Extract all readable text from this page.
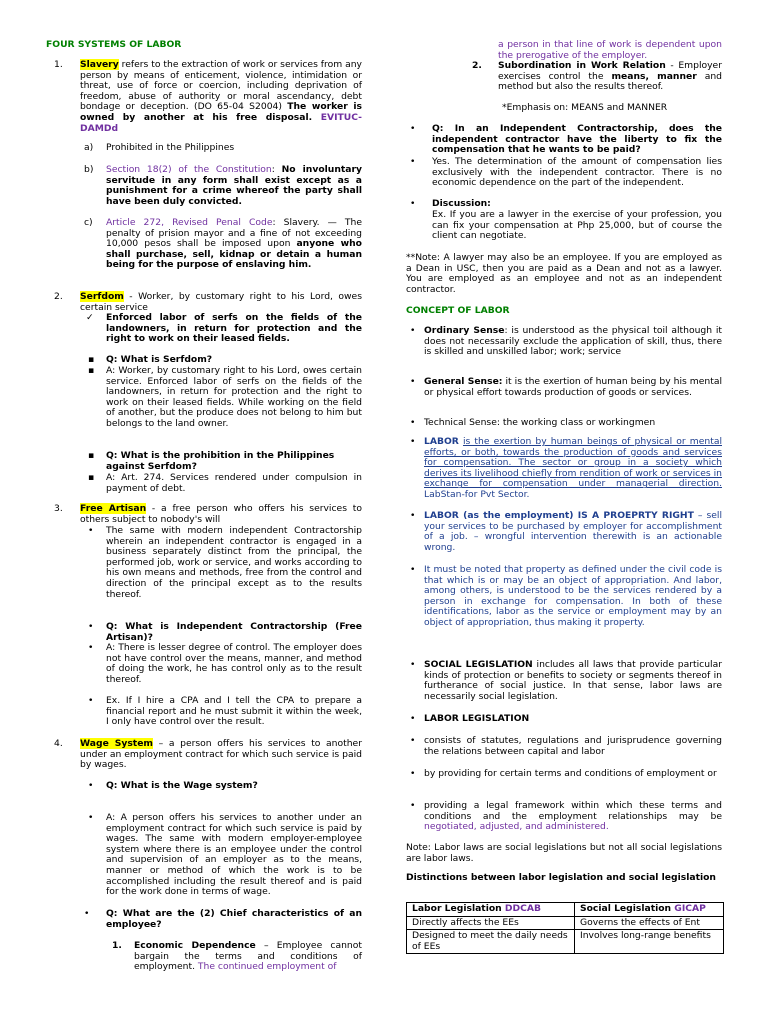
FOUR SYSTEMS OF LABOR
1. Slavery refers to the extraction of work or services from any person by means of enticement, violence, intimidation or threat, use of force or coercion, including deprivation of freedom, abuse of authority or moral ascendancy, debt bondage or deception. (DO 65-04 S2004) The worker is owned by another at his free disposal. EVITUC-DAMDd
a) Prohibited in the Philippines
b) Section 18(2) of the Constitution: No involuntary servitude in any form shall exist except as a punishment for a crime whereof the party shall have been duly convicted.
c) Article 272, Revised Penal Code: Slavery. — The penalty of prision mayor and a fine of not exceeding 10,000 pesos shall be imposed upon anyone who shall purchase, sell, kidnap or detain a human being for the purpose of enslaving him.
2. Serfdom - Worker, by customary right to his Lord, owes certain service
✓ Enforced labor of serfs on the fields of the landowners, in return for protection and the right to work on their leased fields.
▪ Q: What is Serfdom?
▪ A: Worker, by customary right to his Lord, owes certain service. Enforced labor of serfs on the fields of the landowners, in return for protection and the right to work on their leased fields. While working on the field of another, but the produce does not belong to him but belongs to the land owner.
▪ Q: What is the prohibition in the Philippines against Serfdom?
▪ A: Art. 274. Services rendered under compulsion in payment of debt.
3. Free Artisan - a free person who offers his services to others subject to nobody's will
• The same with modern independent Contractorship wherein an independent contractor is engaged in a business separately distinct from the principal, the performed job, work or service, and works according to his own means and methods, free from the control and direction of the principal except as to the results thereof.
• Q: What is Independent Contractorship (Free Artisan)?
• A: There is lesser degree of control. The employer does not have control over the means, manner, and method of doing the work, he has control only as to the result thereof.
• Ex. If I hire a CPA and I tell the CPA to prepare a financial report and he must submit it within the week, I only have control over the result.
4. Wage System – a person offers his services to another under an employment contract for which such service is paid by wages.
• Q: What is the Wage system?
• A: A person offers his services to another under an employment contract for which such service is paid by wages. The same with modern employer-employee system where there is an employee under the control and supervision of an employer as to the means, manner or method of which the work is to be accomplished including the result thereof and is paid for the work done in terms of wage.
• Q: What are the (2) Chief characteristics of an employee?
1. Economic Dependence – Employee cannot bargain the terms and conditions of employment. The continued employment of
a person in that line of work is dependent upon the prerogative of the employer.
2. Subordination in Work Relation - Employer exercises control the means, manner and method but also the results thereof.
*Emphasis on: MEANS and MANNER
• Q: In an Independent Contractorship, does the independent contractor have the liberty to fix the compensation that he wants to be paid?
• Yes. The determination of the amount of compensation lies exclusively with the independent contractor. There is no economic dependence on the part of the independent.
• Discussion:
Ex. If you are a lawyer in the exercise of your profession, you can fix your compensation at Php 25,000, but of course the client can negotiate.
**Note: A lawyer may also be an employee. If you are employed as a Dean in USC, then you are paid as a Dean and not as a lawyer. You are employed as an employee and not as an independent contractor.
CONCEPT OF LABOR
• Ordinary Sense: is understood as the physical toil although it does not necessarily exclude the application of skill, thus, there is skilled and unskilled labor; work; service
• General Sense: it is the exertion of human being by his mental or physical effort towards production of goods or services.
• Technical Sense: the working class or workingmen
• LABOR is the exertion by human beings of physical or mental efforts, or both, towards the production of goods and services for compensation. The sector or group in a society which derives its livelihood chiefly from rendition of work or services in exchange for compensation under managerial direction. LabStan-for Pvt Sector.
• LABOR (as the employment) IS A PROEPRTY RIGHT – sell your services to be purchased by employer for accomplishment of a job. – wrongful intervention therewith is an actionable wrong.
• It must be noted that property as defined under the civil code is that which is or may be an object of appropriation. And labor, among others, is understood to be the services rendered by a person in exchange for compensation. In both of these identifications, labor as the service or employment may by an object of appropriation, thus making it property.
• SOCIAL LEGISLATION includes all laws that provide particular kinds of protection or benefits to society or segments thereof in furtherance of social justice. In that sense, labor laws are necessarily social legislation.
• LABOR LEGISLATION
• consists of statutes, regulations and jurisprudence governing the relations between capital and labor
• by providing for certain terms and conditions of employment or
• providing a legal framework within which these terms and conditions and the employment relationships may be negotiated, adjusted, and administered.
Note: Labor laws are social legislations but not all social legislations are labor laws.
Distinctions between labor legislation and social legislation
Labor Legislation DDCAB	Social Legislation GICAP
Directly affects the EEs	Governs the effects of Ent
Designed to meet the daily needs of EEs	Involves long-range benefits
